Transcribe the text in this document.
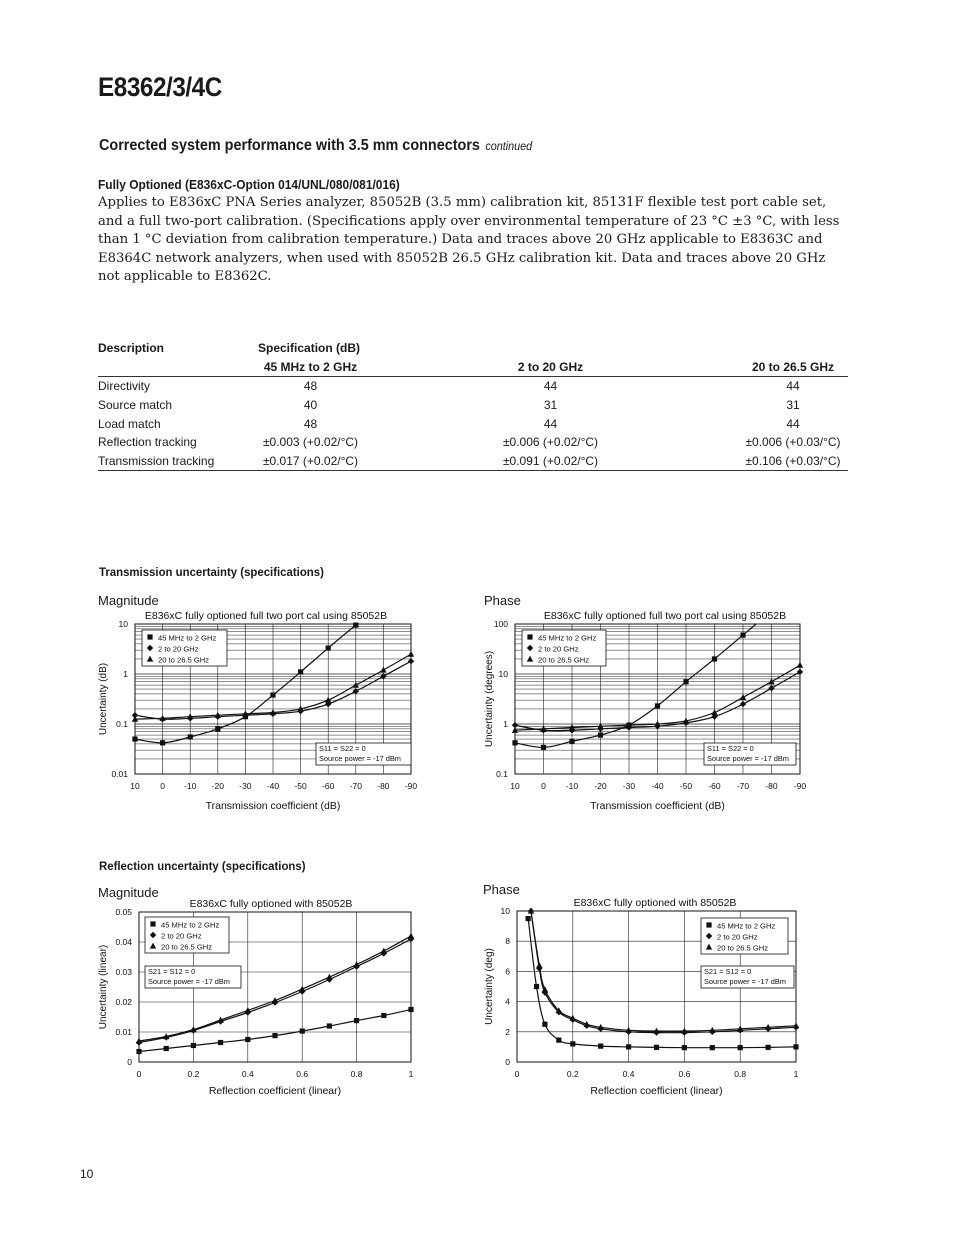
E8362/3/4C
Corrected system performance with 3.5 mm connectors continued
Fully Optioned (E836xC-Option 014/UNL/080/081/016)

Applies to E836xC PNA Series analyzer, 85052B (3.5 mm) calibration kit, 85131F flexible test port cable set, and a full two-port calibration. (Specifications apply over environmental temperature of 23 °C ±3 °C, with less than 1 °C deviation from calibration temperature.) Data and traces above 20 GHz applicable to E8363C and E8364C network analyzers, when used with 85052B 26.5 GHz calibration kit. Data and traces above 20 GHz not applicable to E8362C.

Description	Specification (dB)		
	45 MHz to 2 GHz	2 to 20 GHz	20 to 26.5 GHz
Directivity	48	44	44
Source match	40	31	31
Load match	48	44	44
Reflection tracking	±0.003 (+0.02/°C)	±0.006 (+0.02/°C)	±0.006 (+0.03/°C)
Transmission tracking	±0.017 (+0.02/°C)	±0.091 (+0.02/°C)	±0.106 (+0.03/°C)
Transmission uncertainty (specifications)
Reflection uncertainty (specifications)
Magnitude	Phase
Magnitude	Phase
10
1
0.1
0.01
10 0 -10 -20 -30 -40 -50 -60 -70 -80 -90
E836xC fully optioned full two port cal using 85052B
Transmission coefficient (dB)
Uncertainty (dB)
45 MHz to 2 GHz
2 to 20 GHz
20 to 26.5 GHz
S11 = S22 = 0
Source power = -17 dBm
100
10
1
0.1
10	0 -10 -20 -30 -40 -50 -60 -70 -80 -90
E836xC fully optioned full two port cal using 85052B
Transmission coefficient (dB)
Uncertainty (degrees)
45 MHz to 2 GHz
2 to 20 GHz
20 to 26.5 GHz
S11 = S22 = 0
Source power = -17 dBm
0.05
0.04
0.03
0.02
0.01
0
0	0.2	0.4	0.6	0.8	1
E836xC fully optioned with 85052B
Reflection coefficient (linear)
Uncertainty (linear)
45 MHz to 2 GHz
2 to 20 GHz
20 to 26.5 GHz
S21 = S12 = 0
Source power = -17 dBm
10
8
6
4
2
0
0	0.2	0.4	0.6	0.8	1
E836xC fully optioned with 85052B
Reflection coefficient (linear)
Uncertainty (deg)
45 MHz to 2 GHz
2 to 20 GHz
20 to 26.5 GHz
S21 = S12 = 0
Source power = -17 dBm
10
